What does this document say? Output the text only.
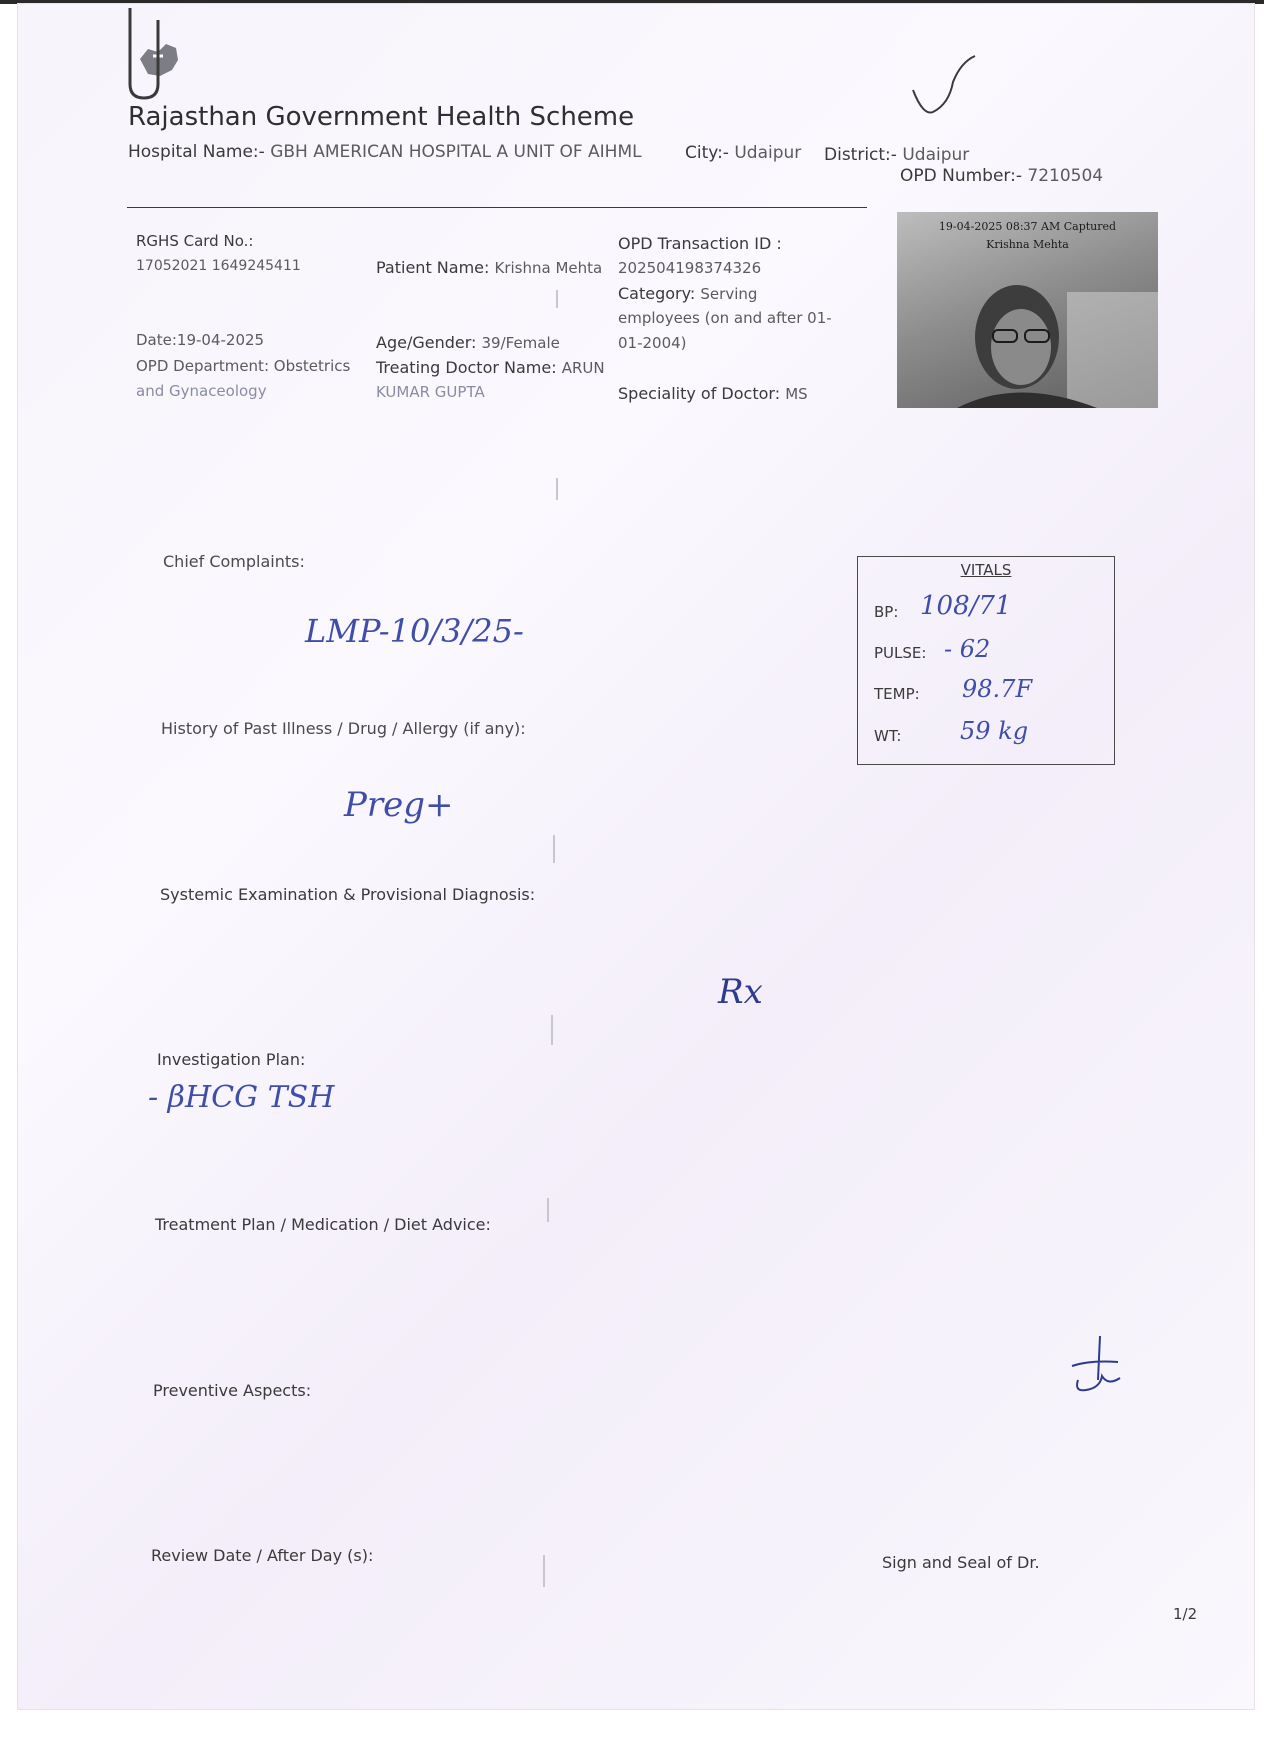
Rajasthan Government Health Scheme
Hospital Name:- GBH AMERICAN HOSPITAL A UNIT OF AIHML	City:- Udaipur District:- Udaipur
OPD Number:- 7210504
RGHS Card No.:
17052021 1649245411	Patient Name: Krishna Mehta
OPD Transaction ID :
202504198374326
Category: Serving
employees (on and after 01-
01-2004)
Date:19-04-2025	Age/Gender: 39/Female
OPD Department: Obstetrics
and Gynaceology
Treating Doctor Name: ARUN
KUMAR GUPTA	Speciality of Doctor: MS
19-04-2025 08:37 AM Captured
Krishna Mehta
VITALS
BP: 108/71
PULSE: - 62
TEMP: 98.7F
WT: 59 kg
Chief Complaints:
LMP-10/3/25-
History of Past Illness / Drug / Allergy (if any):
Preg+
Systemic Examination & Provisional Diagnosis:
Rx
Investigation Plan:
- βHCG TSH
Treatment Plan / Medication / Diet Advice:
Preventive Aspects:
Review Date / After Day (s):	Sign and Seal of Dr.
1/2
